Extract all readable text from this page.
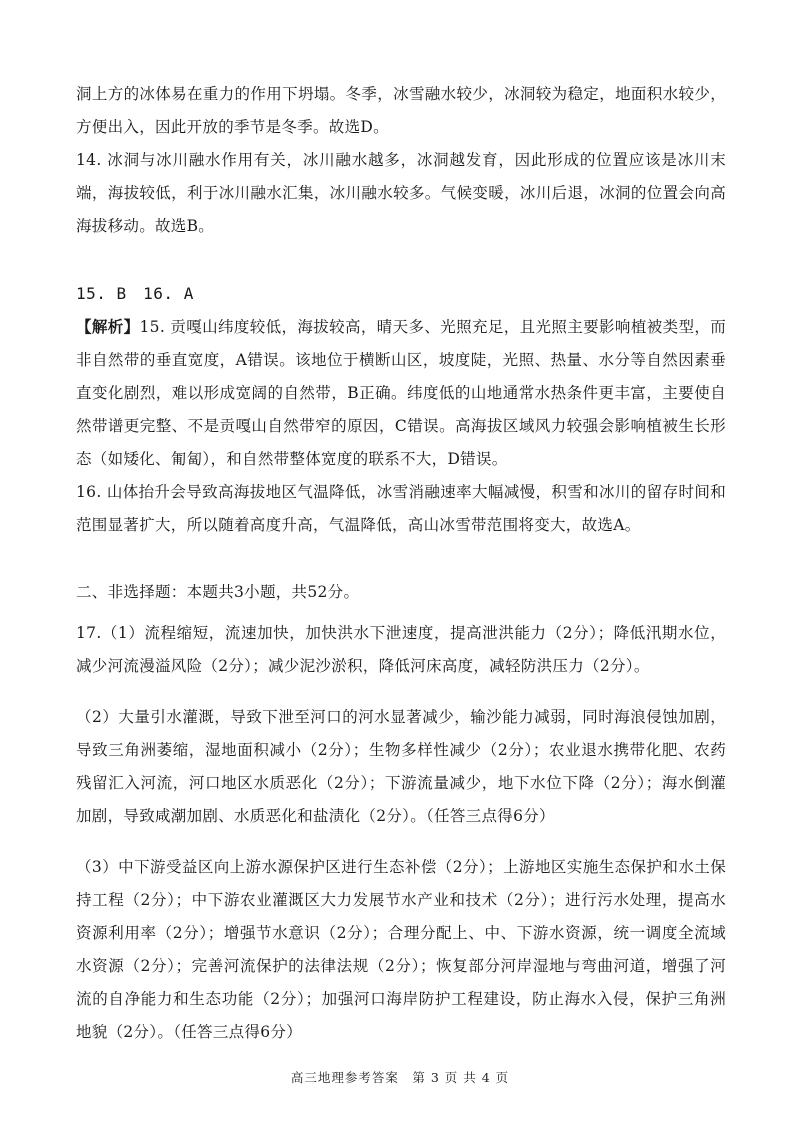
洞上方的冰体易在重力的作用下坍塌。冬季，冰雪融水较少，冰洞较为稳定，地面积水较少，方便出入，因此开放的季节是冬季。故选D。

14. 冰洞与冰川融水作用有关，冰川融水越多，冰洞越发育，因此形成的位置应该是冰川末端，海拔较低，利于冰川融水汇集，冰川融水较多。气候变暖，冰川后退，冰洞的位置会向高海拔移动。故选B。

15. B　16. A

【解析】15. 贡嘎山纬度较低，海拔较高，晴天多、光照充足，且光照主要影响植被类型，而非自然带的垂直宽度，A错误。该地位于横断山区，坡度陡，光照、热量、水分等自然因素垂直变化剧烈，难以形成宽阔的自然带，B正确。纬度低的山地通常水热条件更丰富，主要使自然带谱更完整、不是贡嘎山自然带窄的原因，C错误。高海拔区域风力较强会影响植被生长形态（如矮化、匍匐），和自然带整体宽度的联系不大，D错误。

16. 山体抬升会导致高海拔地区气温降低，冰雪消融速率大幅减慢，积雪和冰川的留存时间和范围显著扩大，所以随着高度升高，气温降低，高山冰雪带范围将变大，故选A。

二、非选择题：本题共3小题，共52分。

17.（1）流程缩短，流速加快，加快洪水下泄速度，提高泄洪能力（2分）；降低汛期水位，减少河流漫溢风险（2分）；减少泥沙淤积，降低河床高度，减轻防洪压力（2分）。

（2）大量引水灌溉，导致下泄至河口的河水显著减少，输沙能力减弱，同时海浪侵蚀加剧，导致三角洲萎缩，湿地面积减小（2分）；生物多样性减少（2分）；农业退水携带化肥、农药残留汇入河流，河口地区水质恶化（2分）；下游流量减少，地下水位下降（2分）；海水倒灌加剧，导致咸潮加剧、水质恶化和盐渍化（2分）。（任答三点得6分）

（3）中下游受益区向上游水源保护区进行生态补偿（2分）；上游地区实施生态保护和水土保持工程（2分）；中下游农业灌溉区大力发展节水产业和技术（2分）；进行污水处理，提高水资源利用率（2分）；增强节水意识（2分）；合理分配上、中、下游水资源，统一调度全流域水资源（2分）；完善河流保护的法律法规（2分）；恢复部分河岸湿地与弯曲河道，增强了河流的自净能力和生态功能（2分）；加强河口海岸防护工程建设，防止海水入侵，保护三角洲地貌（2分）。（任答三点得6分）

高三地理参考答案　第 3 页 共 4 页
